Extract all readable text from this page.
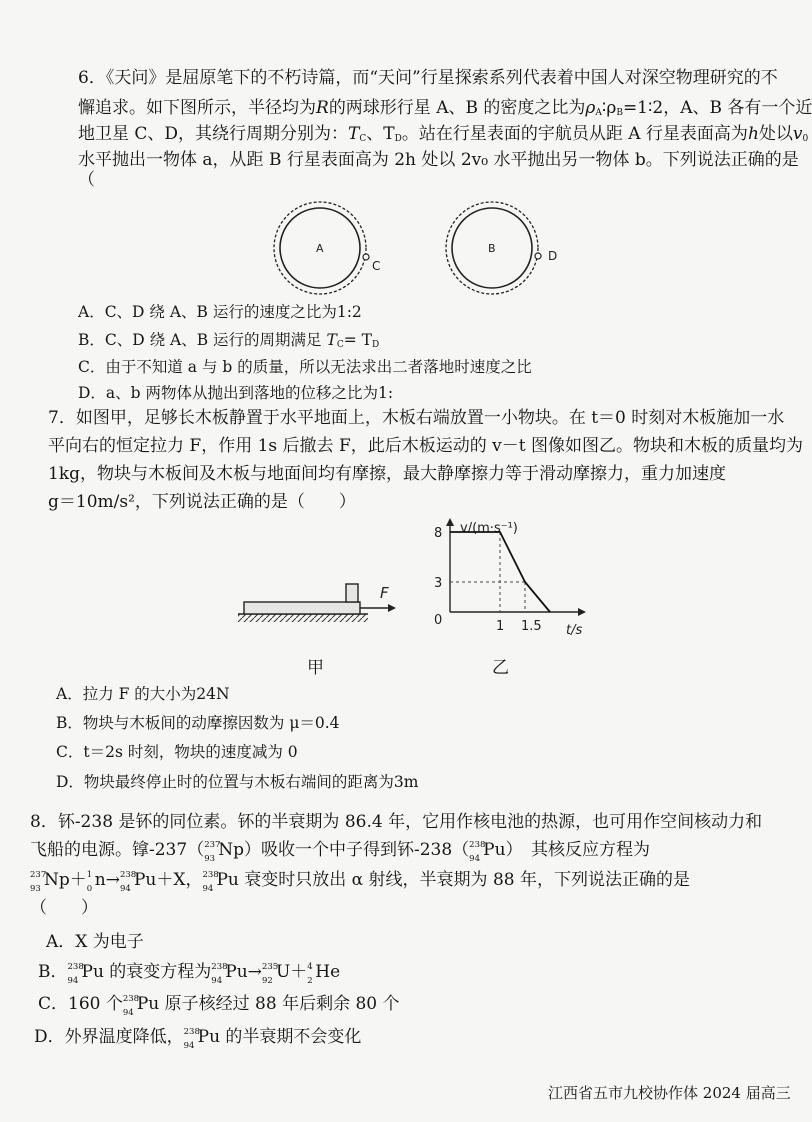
6．《天问》是屈原笔下的不朽诗篇，而“天问”行星探索系列代表着中国人对深空物理研究的不
懈追求。如下图所示，半径均为R的两球形行星 A、B 的密度之比为$\rho_A∶\rho_B=1∶2$，A、B 各有一个近
地卫星 C、D，其绕行周期分别为：$T_C$、$T_D$。站在行星表面的宇航员从距 A 行星表面高为h处以$v_0$
水平抛出一物体 a，从距 B 行星表面高为 2h 处以 2v₀ 水平抛出另一物体 b。下列说法正确的是
（
A
C
B
D
A．C、D 绕 A、B 运行的速度之比为1:2
B．C、D 绕 A、B 运行的周期满足 $T_C= T_D$
C．由于不知道 a 与 b 的质量，所以无法求出二者落地时速度之比
D．a、b 两物体从抛出到落地的位移之比为1:
7．如图甲，足够长木板静置于水平地面上，木板右端放置一小物块。在 t＝0 时刻对木板施加一水
平向右的恒定拉力 F，作用 1s 后撤去 F，此后木板运动的 v－t 图像如图乙。物块和木板的质量均为
1kg，物块与木板间及木板与地面间均有摩擦，最大静摩擦力等于滑动摩擦力，重力加速度
g＝10m/s²，下列说法正确的是（　　）
F
甲
v/(m·s⁻¹)
t/s
0
3
8
1 1.5
乙
A．拉力 F 的大小为24N
B．物块与木板间的动摩擦因数为 μ＝0.4
C．t＝2s 时刻，物块的速度减为 0
D．物块最终停止时的位置与木板右端间的距离为3m
8．钚-238 是钚的同位素。钚的半衰期为 86.4 年，它用作核电池的热源，也可用作空间核动力和
飞船的电源。镎-237（ 237
93 Np）吸收一个中子得到钚-238（ 238
94 Pu）　其核反应方程为
237
93 Np＋ 1
0 n→ 238
94 Pu＋X， 238
94 Pu 衰变时只放出 α 射线，半衰期为 88 年，下列说法正确的是
（　　）
A．X 为电子
B． 238
94 Pu 的衰变方程为 238
94 Pu→ 235
92 U＋ 4
2 He
C．160 个 238
94 Pu 原子核经过 88 年后剩余 80 个
D．外界温度降低， 238
94 Pu 的半衰期不会变化
江西省五市九校协作体 2024 届高三
